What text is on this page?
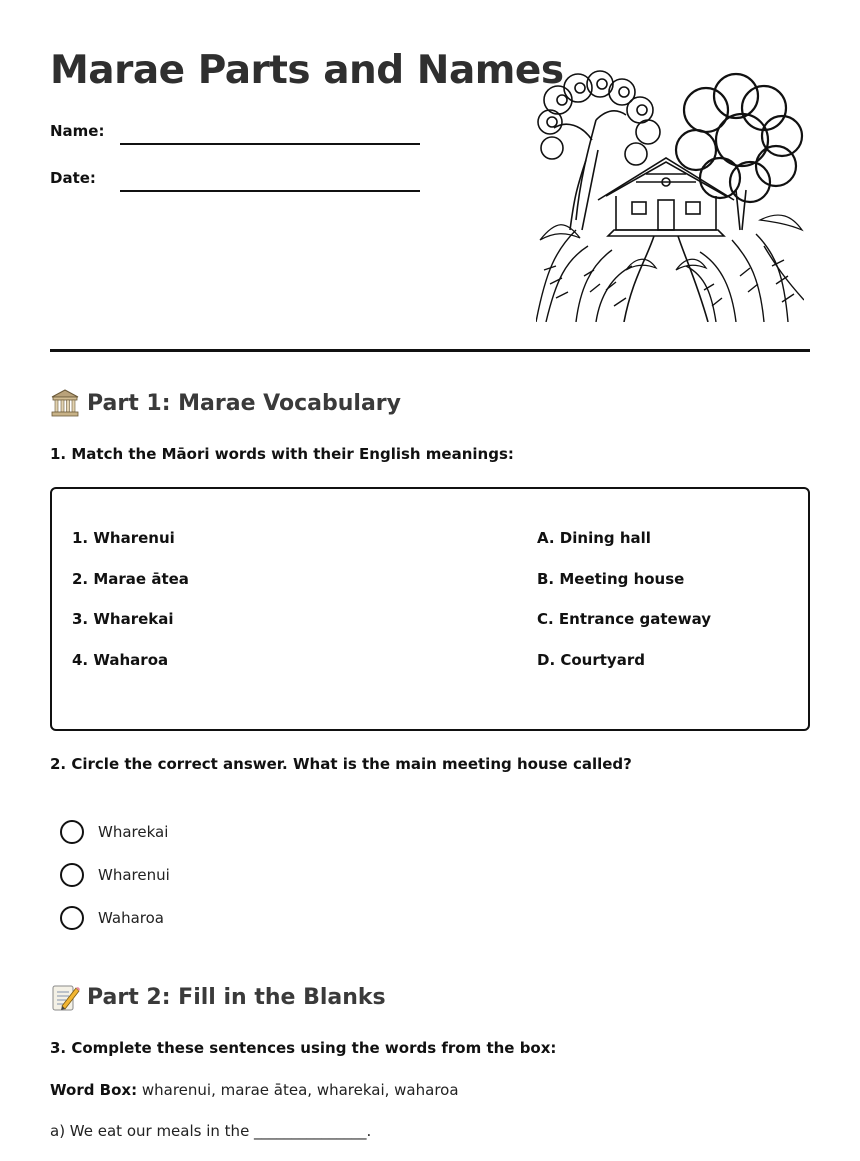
Marae Parts and Names
Name:
Date:
Part 1: Marae Vocabulary
1. Match the Māori words with their English meanings:
1. Wharenui
2. Marae ātea
3. Wharekai
4. Waharoa
A. Dining hall
B. Meeting house
C. Entrance gateway
D. Courtyard
2. Circle the correct answer. What is the main meeting house called?
Wharekai
Wharenui
Waharoa
Part 2: Fill in the Blanks
3. Complete these sentences using the words from the box:
Word Box: wharenui, marae ātea, wharekai, waharoa
a) We eat our meals in the _______________.
